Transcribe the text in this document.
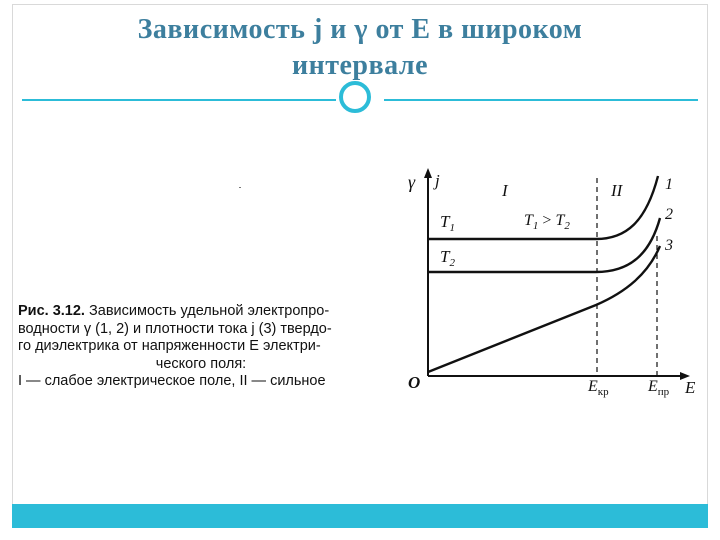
Зависимость j и γ от E в широком
интервале
Рис. 3.12. Зависимость удельной электропро-
водности γ (1, 2) и плотности тока j (3) твердо-
го диэлектрика от напряженности E электри-
ческого поля:
I — слабое электрическое поле, II — сильное
γ j
E
O
I	II
$T_1 > T_2$
$T_1$
$T_2$
1
2
3
$E_{кр}$ $E_{пр}$
